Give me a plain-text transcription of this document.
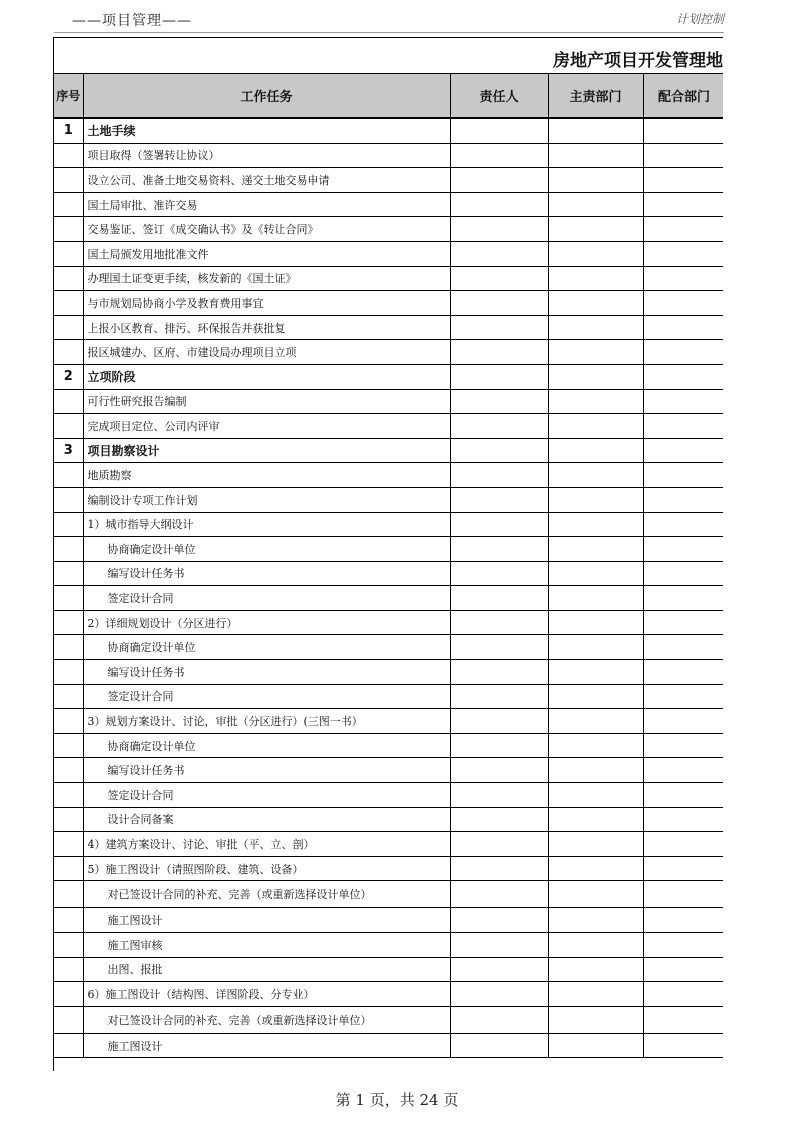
——项目管理——	计划控制
房地产项目开发管理地
序号	工作任务	责任人	主责部门	配合部门
1	土地手续			
	项目取得（签署转让协议）			
	设立公司、准备土地交易资料、递交土地交易申请			
	国土局审批、准许交易			
	交易鉴证、签订《成交确认书》及《转让合同》			
	国土局颁发用地批准文件			
	办理国土证变更手续，核发新的《国土证》			
	与市规划局协商小学及教育费用事宜			
	上报小区教育、排污、环保报告并获批复			
	报区城建办、区府、市建设局办理项目立项			
2	立项阶段			
	可行性研究报告编制			
	完成项目定位、公司内评审			
3	项目勘察设计			
	地质勘察			
	编制设计专项工作计划			
	1）城市指导大纲设计			
	协商确定设计单位			
	编写设计任务书			
	签定设计合同			
	2）详细规划设计（分区进行）			
	协商确定设计单位			
	编写设计任务书			
	签定设计合同			
	3）规划方案设计、讨论，审批（分区进行）(三图一书）			
	协商确定设计单位			
	编写设计任务书			
	签定设计合同			
	设计合同备案			
	4）建筑方案设计、讨论、审批（平、立、剖）			
	5）施工图设计（请照图阶段、建筑、设备）			
	对已签设计合同的补充、完善（或重新选择设计单位）			
	施工图设计			
	施工图审核			
	出图、报批			
	6）施工图设计（结构图、详图阶段、分专业）			
	对已签设计合同的补充、完善（或重新选择设计单位）			
	施工图设计			
第 1 页，共 24 页
